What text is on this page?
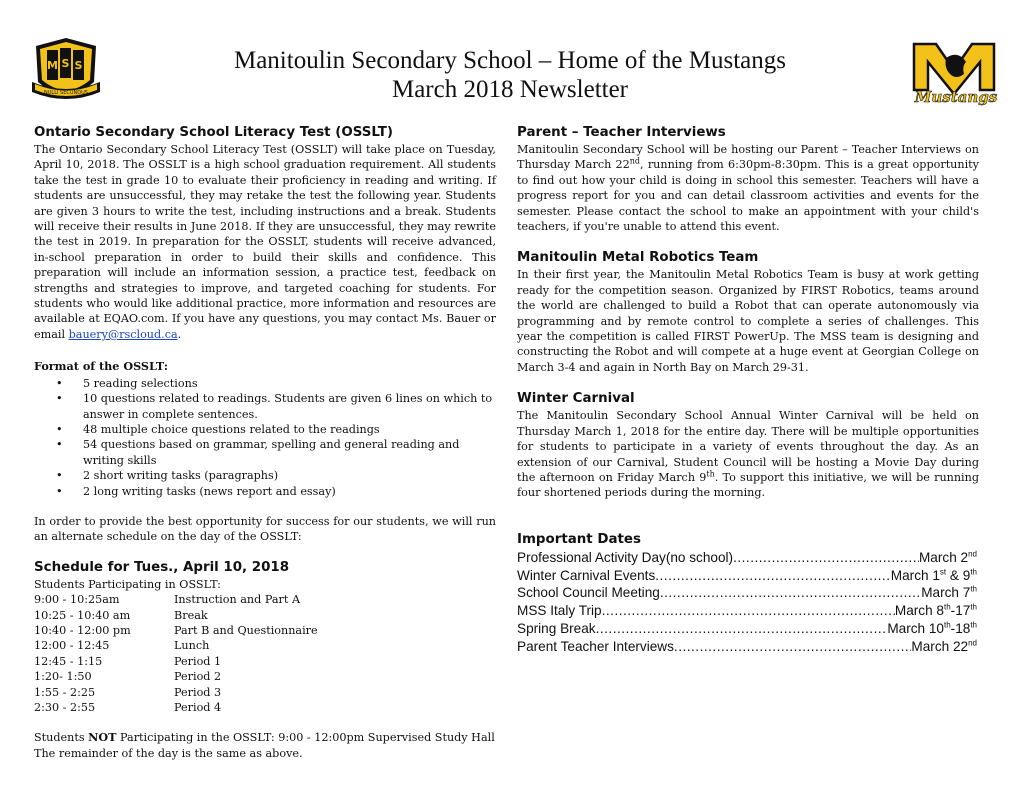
M S S
NULLI SECUNDUS	Mustangs
Manitoulin Secondary School – Home of the Mustangs
March 2018 Newsletter
Ontario Secondary School Literacy Test (OSSLT)

The Ontario Secondary School Literacy Test (OSSLT) will take place on Tuesday, April 10, 2018. The OSSLT is a high school graduation requirement. All students take the test in grade 10 to evaluate their proficiency in reading and writing. If students are unsuccessful, they may retake the test the following year. Students are given 3 hours to write the test, including instructions and a break. Students will receive their results in June 2018. If they are unsuccessful, they may rewrite the test in 2019. In preparation for the OSSLT, students will receive advanced, in-school preparation in order to build their skills and confidence. This preparation will include an information session, a practice test, feedback on strengths and strategies to improve, and targeted coaching for students. For students who would like additional practice, more information and resources are available at EQAO.com. If you have any questions, you may contact Ms. Bauer or email bauery@rscloud.ca.

Format of the OSSLT:
• 5 reading selections
• 10 questions related to readings. Students are given 6 lines on which to answer in complete sentences.
• 48 multiple choice questions related to the readings
• 54 questions based on grammar, spelling and general reading and writing skills
• 2 short writing tasks (paragraphs)
• 2 long writing tasks (news report and essay)

In order to provide the best opportunity for success for our students, we will run an alternate schedule on the day of the OSSLT:

Schedule for Tues., April 10, 2018
Students Participating in OSSLT:
9:00 - 10:25am	Instruction and Part A
10:25 - 10:40 am	Break
10:40 - 12:00 pm	Part B and Questionnaire
12:00 - 12:45	Lunch
12:45 - 1:15	Period 1
1:20- 1:50	Period 2
1:55 - 2:25	Period 3
2:30 - 2:55	Period 4
Students NOT Participating in the OSSLT: 9:00 - 12:00pm Supervised Study Hall
The remainder of the day is the same as above.
Parent – Teacher Interviews

Manitoulin Secondary School will be hosting our Parent – Teacher Interviews on Thursday March 22nd, running from 6:30pm-8:30pm. This is a great opportunity to find out how your child is doing in school this semester. Teachers will have a progress report for you and can detail classroom activities and events for the semester. Please contact the school to make an appointment with your child's teachers, if you're unable to attend this event.

Manitoulin Metal Robotics Team

In their first year, the Manitoulin Metal Robotics Team is busy at work getting ready for the competition season. Organized by FIRST Robotics, teams around the world are challenged to build a Robot that can operate autonomously via programming and by remote control to complete a series of challenges. This year the competition is called FIRST PowerUp. The MSS team is designing and constructing the Robot and will compete at a huge event at Georgian College on March 3-4 and again in North Bay on March 29-31.

Winter Carnival

The Manitoulin Secondary School Annual Winter Carnival will be held on Thursday March 1, 2018 for the entire day. There will be multiple opportunities for students to participate in a variety of events throughout the day. As an extension of our Carnival, Student Council will be hosting a Movie Day during the afternoon on Friday March 9th. To support this initiative, we will be running four shortened periods during the morning.

Important Dates
Professional Activity Day(no school) .....	March 2nd
Winter Carnival Events .....	March 1st & 9th
School Council Meeting .....	March 7th
MSS Italy Trip .....	March 8th-17th
Spring Break .....	March 10th-18th
Parent Teacher Interviews .....	March 22nd
